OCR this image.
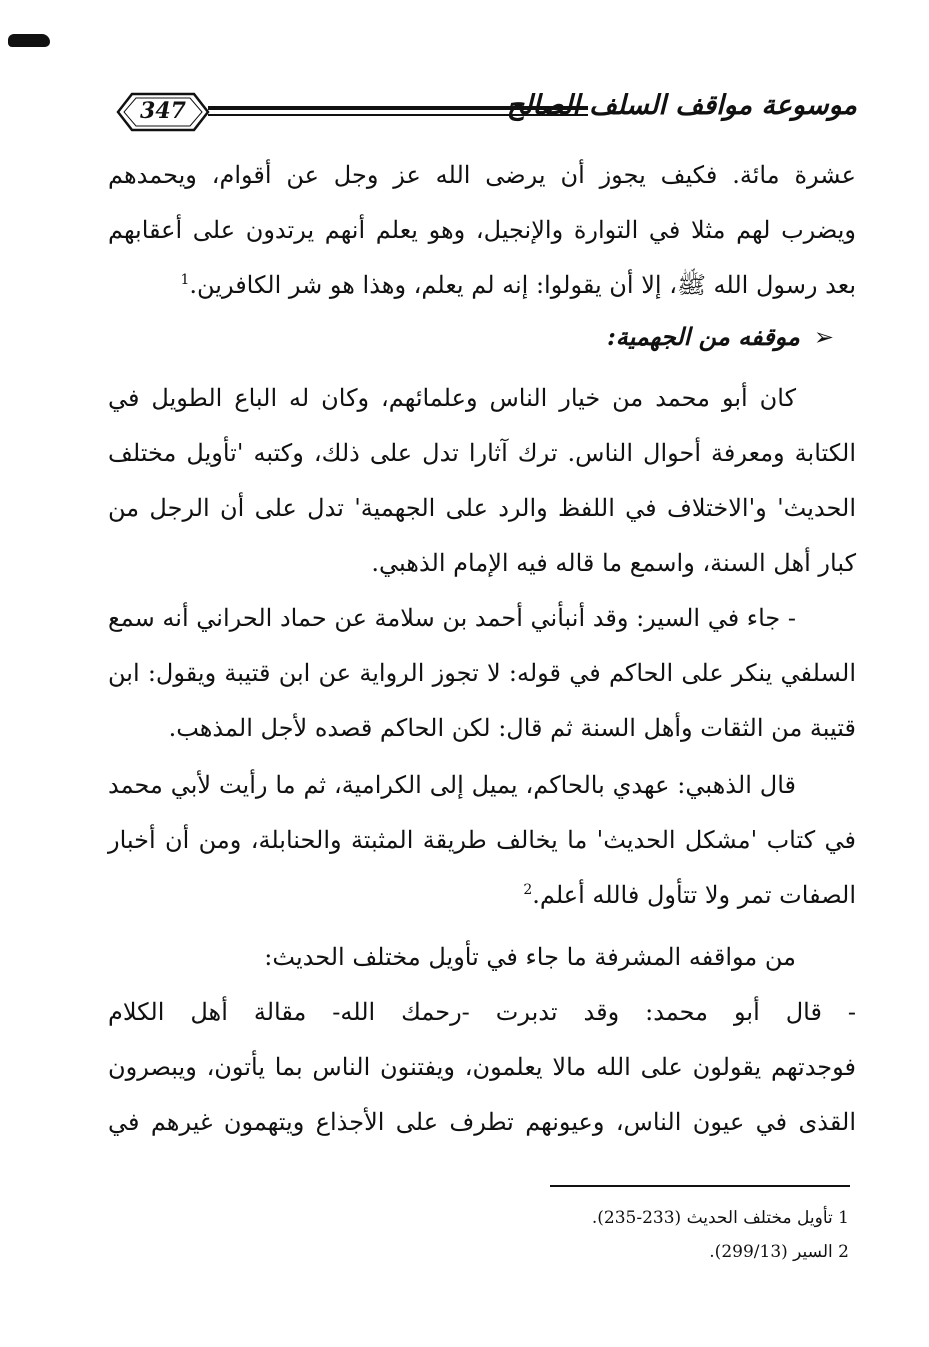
347	موسوعة مواقف السلف الصالح
عشرة مائة. فكيف يجوز أن يرضى الله عز وجل عن أقوام، ويحمدهم
ويضرب لهم مثلا في التوارة والإنجيل، وهو يعلم أنهم يرتدون على أعقابهم
بعد رسول الله ﷺ، إلا أن يقولوا: إنه لم يعلم، وهذا هو شر الكافرين.$^1$
➢موقفه من الجهمية:
كان أبو محمد من خيار الناس وعلمائهم، وكان له الباع الطويل في
الكتابة ومعرفة أحوال الناس. ترك آثارا تدل على ذلك، وكتبه 'تأويل مختلف
الحديث' و'الاختلاف في اللفظ والرد على الجهمية' تدل على أن الرجل من
كبار أهل السنة، واسمع ما قاله فيه الإمام الذهبي.
- جاء في السير: وقد أنبأني أحمد بن سلامة عن حماد الحراني أنه سمع
السلفي ينكر على الحاكم في قوله: لا تجوز الرواية عن ابن قتيبة ويقول: ابن
قتيبة من الثقات وأهل السنة ثم قال: لكن الحاكم قصده لأجل المذهب.
قال الذهبي: عهدي بالحاكم، يميل إلى الكرامية، ثم ما رأيت لأبي محمد
في كتاب 'مشكل الحديث' ما يخالف طريقة المثبتة والحنابلة، ومن أن أخبار
الصفات تمر ولا تتأول فالله أعلم.$^2$
من مواقفه المشرفة ما جاء في تأويل مختلف الحديث:
- قال أبو محمد: وقد تدبرت -رحمك الله- مقالة أهل الكلام
فوجدتهم يقولون على الله مالا يعلمون، ويفتنون الناس بما يأتون، ويبصرون
القذى في عيون الناس، وعيونهم تطرف على الأجذاع ويتهمون غيرهم في
1 تأويل مختلف الحديث (233-235).
2 السير (299/13).
